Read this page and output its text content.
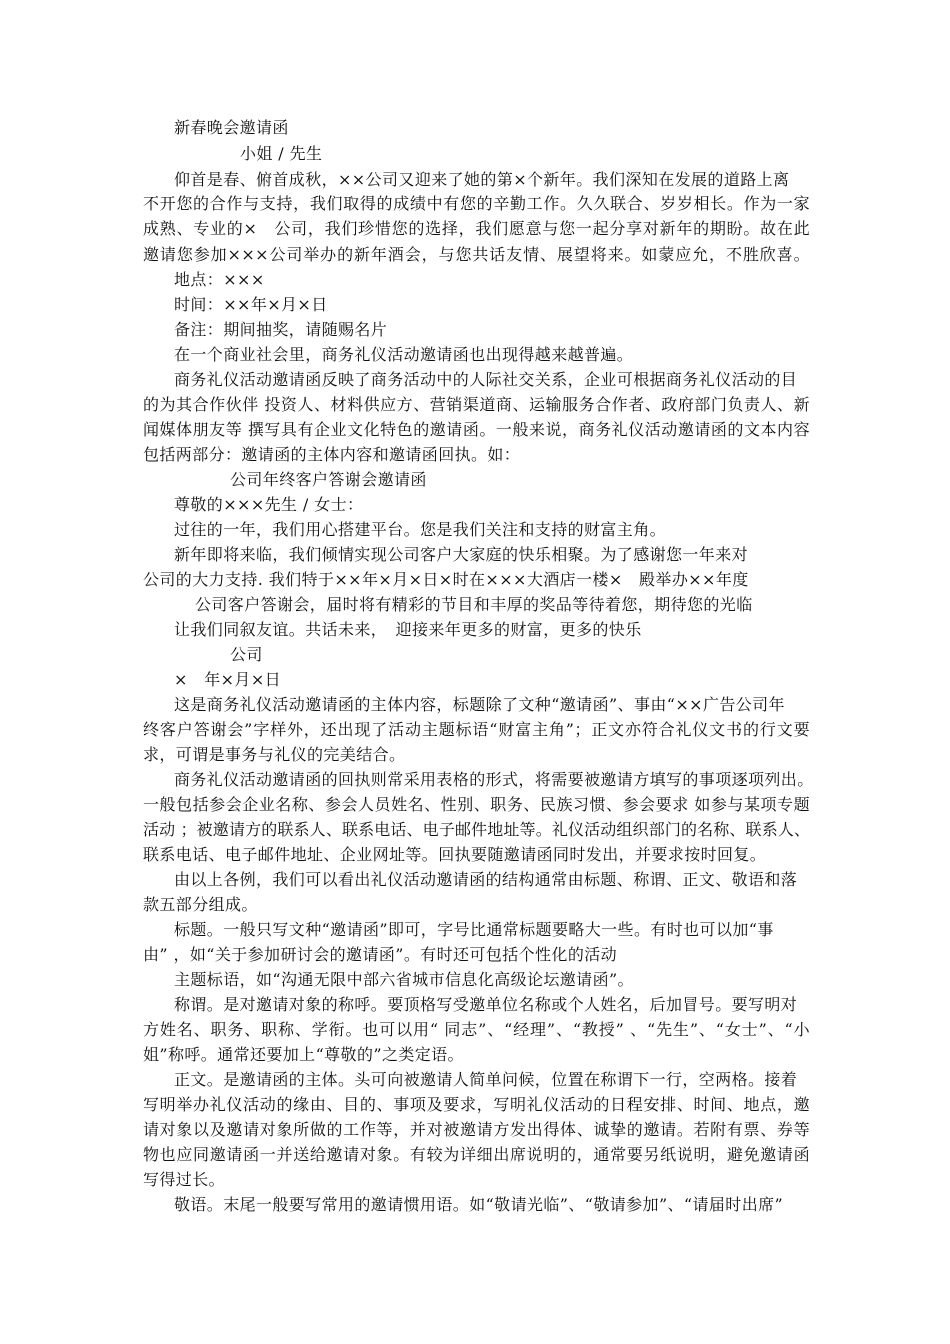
新春晚会邀请函
小姐 / 先生
仰首是春、俯首成秋，××公司又迎来了她的第×个新年。我们深知在发展的道路上离
不开您的合作与支持，我们取得的成绩中有您的辛勤工作。久久联合、岁岁相长。作为一家
成熟、专业的×　公司，我们珍惜您的选择，我们愿意与您一起分享对新年的期盼。故在此
邀请您参加×××公司举办的新年酒会，与您共话友情、展望将来。如蒙应允，不胜欣喜。
地点：×××
时间：××年×月×日
备注：期间抽奖，请随赐名片
在一个商业社会里，商务礼仪活动邀请函也出现得越来越普遍。
商务礼仪活动邀请函反映了商务活动中的人际社交关系，企业可根据商务礼仪活动的目
的为其合作伙伴 投资人、材料供应方、营销渠道商、运输服务合作者、政府部门负责人、新
闻媒体朋友等 撰写具有企业文化特色的邀请函。一般来说，商务礼仪活动邀请函的文本内容
包括两部分：邀请函的主体内容和邀请函回执。如：
公司年终客户答谢会邀请函
尊敬的×××先生 / 女士：
过往的一年，我们用心搭建平台。您是我们关注和支持的财富主角。
新年即将来临，我们倾情实现公司客户大家庭的快乐相聚。为了感谢您一年来对
公司的大力支持. 我们特于××年×月×日×时在×××大酒店一楼×　殿举办××年度
公司客户答谢会，届时将有精彩的节目和丰厚的奖品等待着您，期待您的光临
让我们同叙友谊。共话未来，　迎接来年更多的财富，更多的快乐
公司
×　年×月×日
这是商务礼仪活动邀请函的主体内容，标题除了文种“邀请函”、事由“××广告公司年
终客户答谢会”字样外，还出现了活动主题标语“财富主角”；正文亦符合礼仪文书的行文要
求，可谓是事务与礼仪的完美结合。
商务礼仪活动邀请函的回执则常采用表格的形式，将需要被邀请方填写的事项逐项列出。
一般包括参会企业名称、参会人员姓名、性别、职务、民族习惯、参会要求 如参与某项专题
活动 ；被邀请方的联系人、联系电话、电子邮件地址等。礼仪活动组织部门的名称、联系人、
联系电话、电子邮件地址、企业网址等。回执要随邀请函同时发出，并要求按时回复。
由以上各例，我们可以看出礼仪活动邀请函的结构通常由标题、称谓、正文、敬语和落
款五部分组成。
标题。一般只写文种“邀请函”即可，字号比通常标题要略大一些。有时也可以加“事
由” ，如“关于参加研讨会的邀请函”。有时还可包括个性化的活动
主题标语，如“沟通无限中部六省城市信息化高级论坛邀请函”。
称谓。是对邀请对象的称呼。要顶格写受邀单位名称或个人姓名，后加冒号。要写明对
方姓名、职务、职称、学衔。也可以用“ 同志”、“经理”、“教授” 、“先生”、“女士”、“小
姐”称呼。通常还要加上“尊敬的”之类定语。
正文。是邀请函的主体。头可向被邀请人简单问候，位置在称谓下一行，空两格。接着
写明举办礼仪活动的缘由、目的、事项及要求，写明礼仪活动的日程安排、时间、地点，邀
请对象以及邀请对象所做的工作等，并对被邀请方发出得体、诚挚的邀请。若附有票、券等
物也应同邀请函一并送给邀请对象。有较为详细出席说明的，通常要另纸说明，避免邀请函
写得过长。
敬语。末尾一般要写常用的邀请惯用语。如“敬请光临”、“敬请参加”、“请届时出席”
